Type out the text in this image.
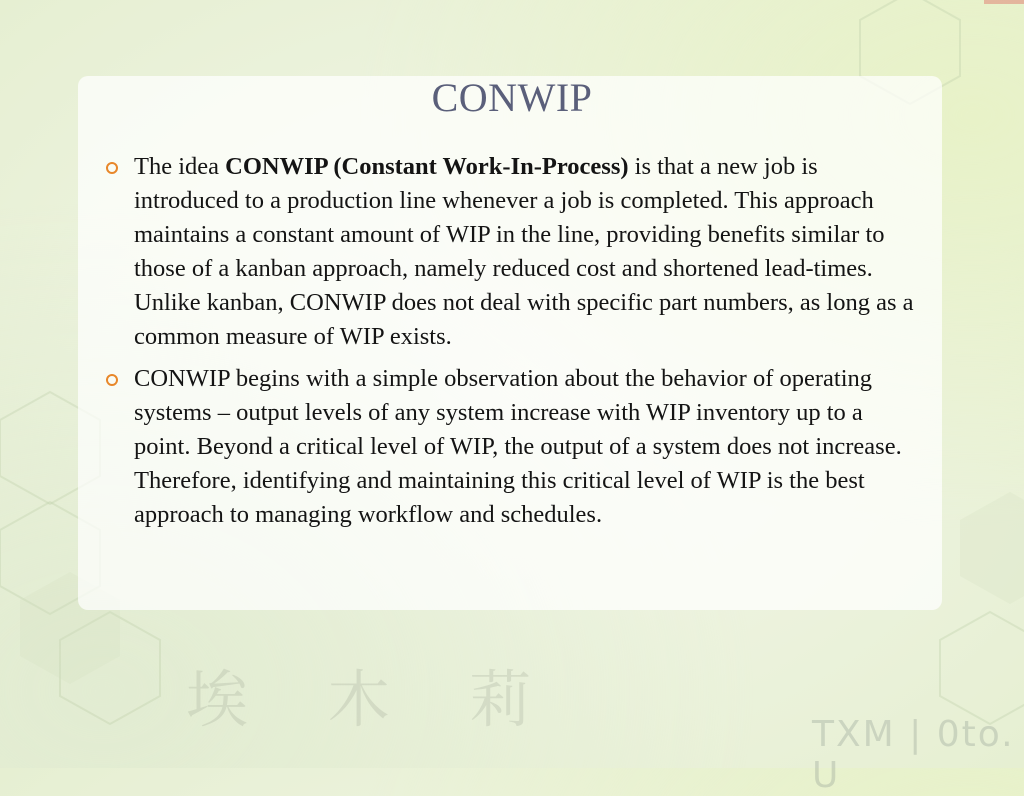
CONWIP
The idea CONWIP (Constant Work-In-Process) is that a new job is introduced to a production line whenever a job is completed. This approach maintains a constant amount of WIP in the line, providing benefits similar to those of a kanban approach, namely reduced cost and shortened lead-times. Unlike kanban, CONWIP does not deal with specific part numbers, as long as a common measure of WIP exists.
CONWIP begins with a simple observation about the behavior of operating systems – output levels of any system increase with WIP inventory up to a point. Beyond a critical level of WIP, the output of a system does not increase. Therefore, identifying and maintaining this critical level of WIP is the best approach to managing workflow and schedules.
埃 木 莉	TXM | 0to. U
